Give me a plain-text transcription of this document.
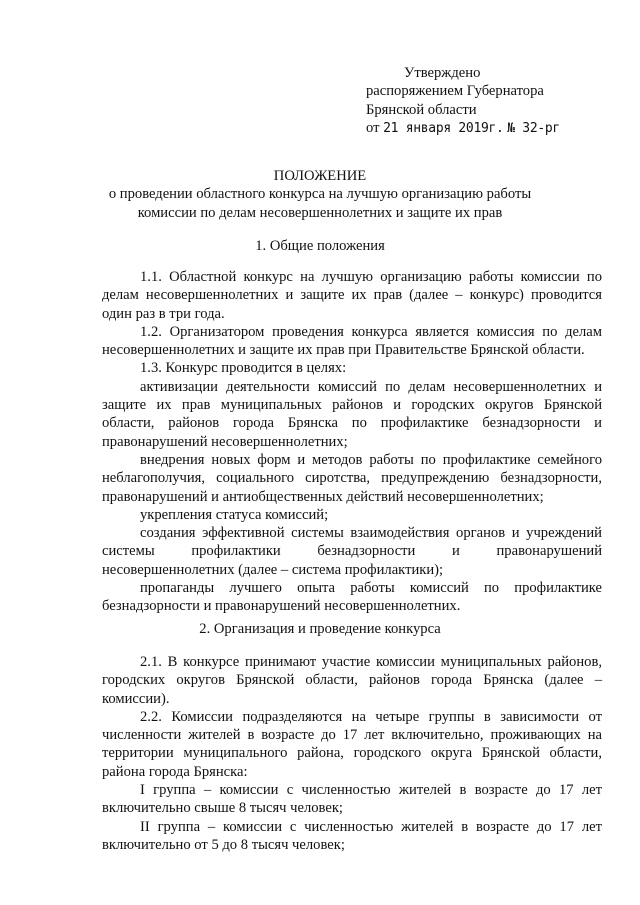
Утверждено
распоряжением Губернатора
Брянской области
от 21 января 2019г. № 32-рг
ПОЛОЖЕНИЕ
о проведении областного конкурса на лучшую организацию работы
комиссии по делам несовершеннолетних и защите их прав
1. Общие положения

1.1. Областной конкурс на лучшую организацию работы комиссии по делам несовершеннолетних и защите их прав (далее – конкурс) проводится один раз в три года.

1.2. Организатором проведения конкурса является комиссия по делам несовершеннолетних и защите их прав при Правительстве Брянской области.

1.3. Конкурс проводится в целях:

активизации деятельности комиссий по делам несовершеннолетних и защите их прав муниципальных районов и городских округов Брянской области, районов города Брянска по профилактике безнадзорности и правонарушений несовершеннолетних;

внедрения новых форм и методов работы по профилактике семейного неблагополучия, социального сиротства, предупреждению безнадзорности, правонарушений и антиобщественных действий несовершеннолетних;

укрепления статуса комиссий;

создания эффективной системы взаимодействия органов и учреждений системы профилактики безнадзорности и правонарушений несовершеннолетних (далее – система профилактики);

пропаганды лучшего опыта работы комиссий по профилактике безнадзорности и правонарушений несовершеннолетних.

2. Организация и проведение конкурса

2.1. В конкурсе принимают участие комиссии муниципальных районов, городских округов Брянской области, районов города Брянска (далее – комиссии).

2.2. Комиссии подразделяются на четыре группы в зависимости от численности жителей в возрасте до 17 лет включительно, проживающих на территории муниципального района, городского округа Брянской области, района города Брянска:

I группа – комиссии с численностью жителей в возрасте до 17 лет включительно свыше 8 тысяч человек;

II группа – комиссии с численностью жителей в возрасте до 17 лет включительно от 5 до 8 тысяч человек;
